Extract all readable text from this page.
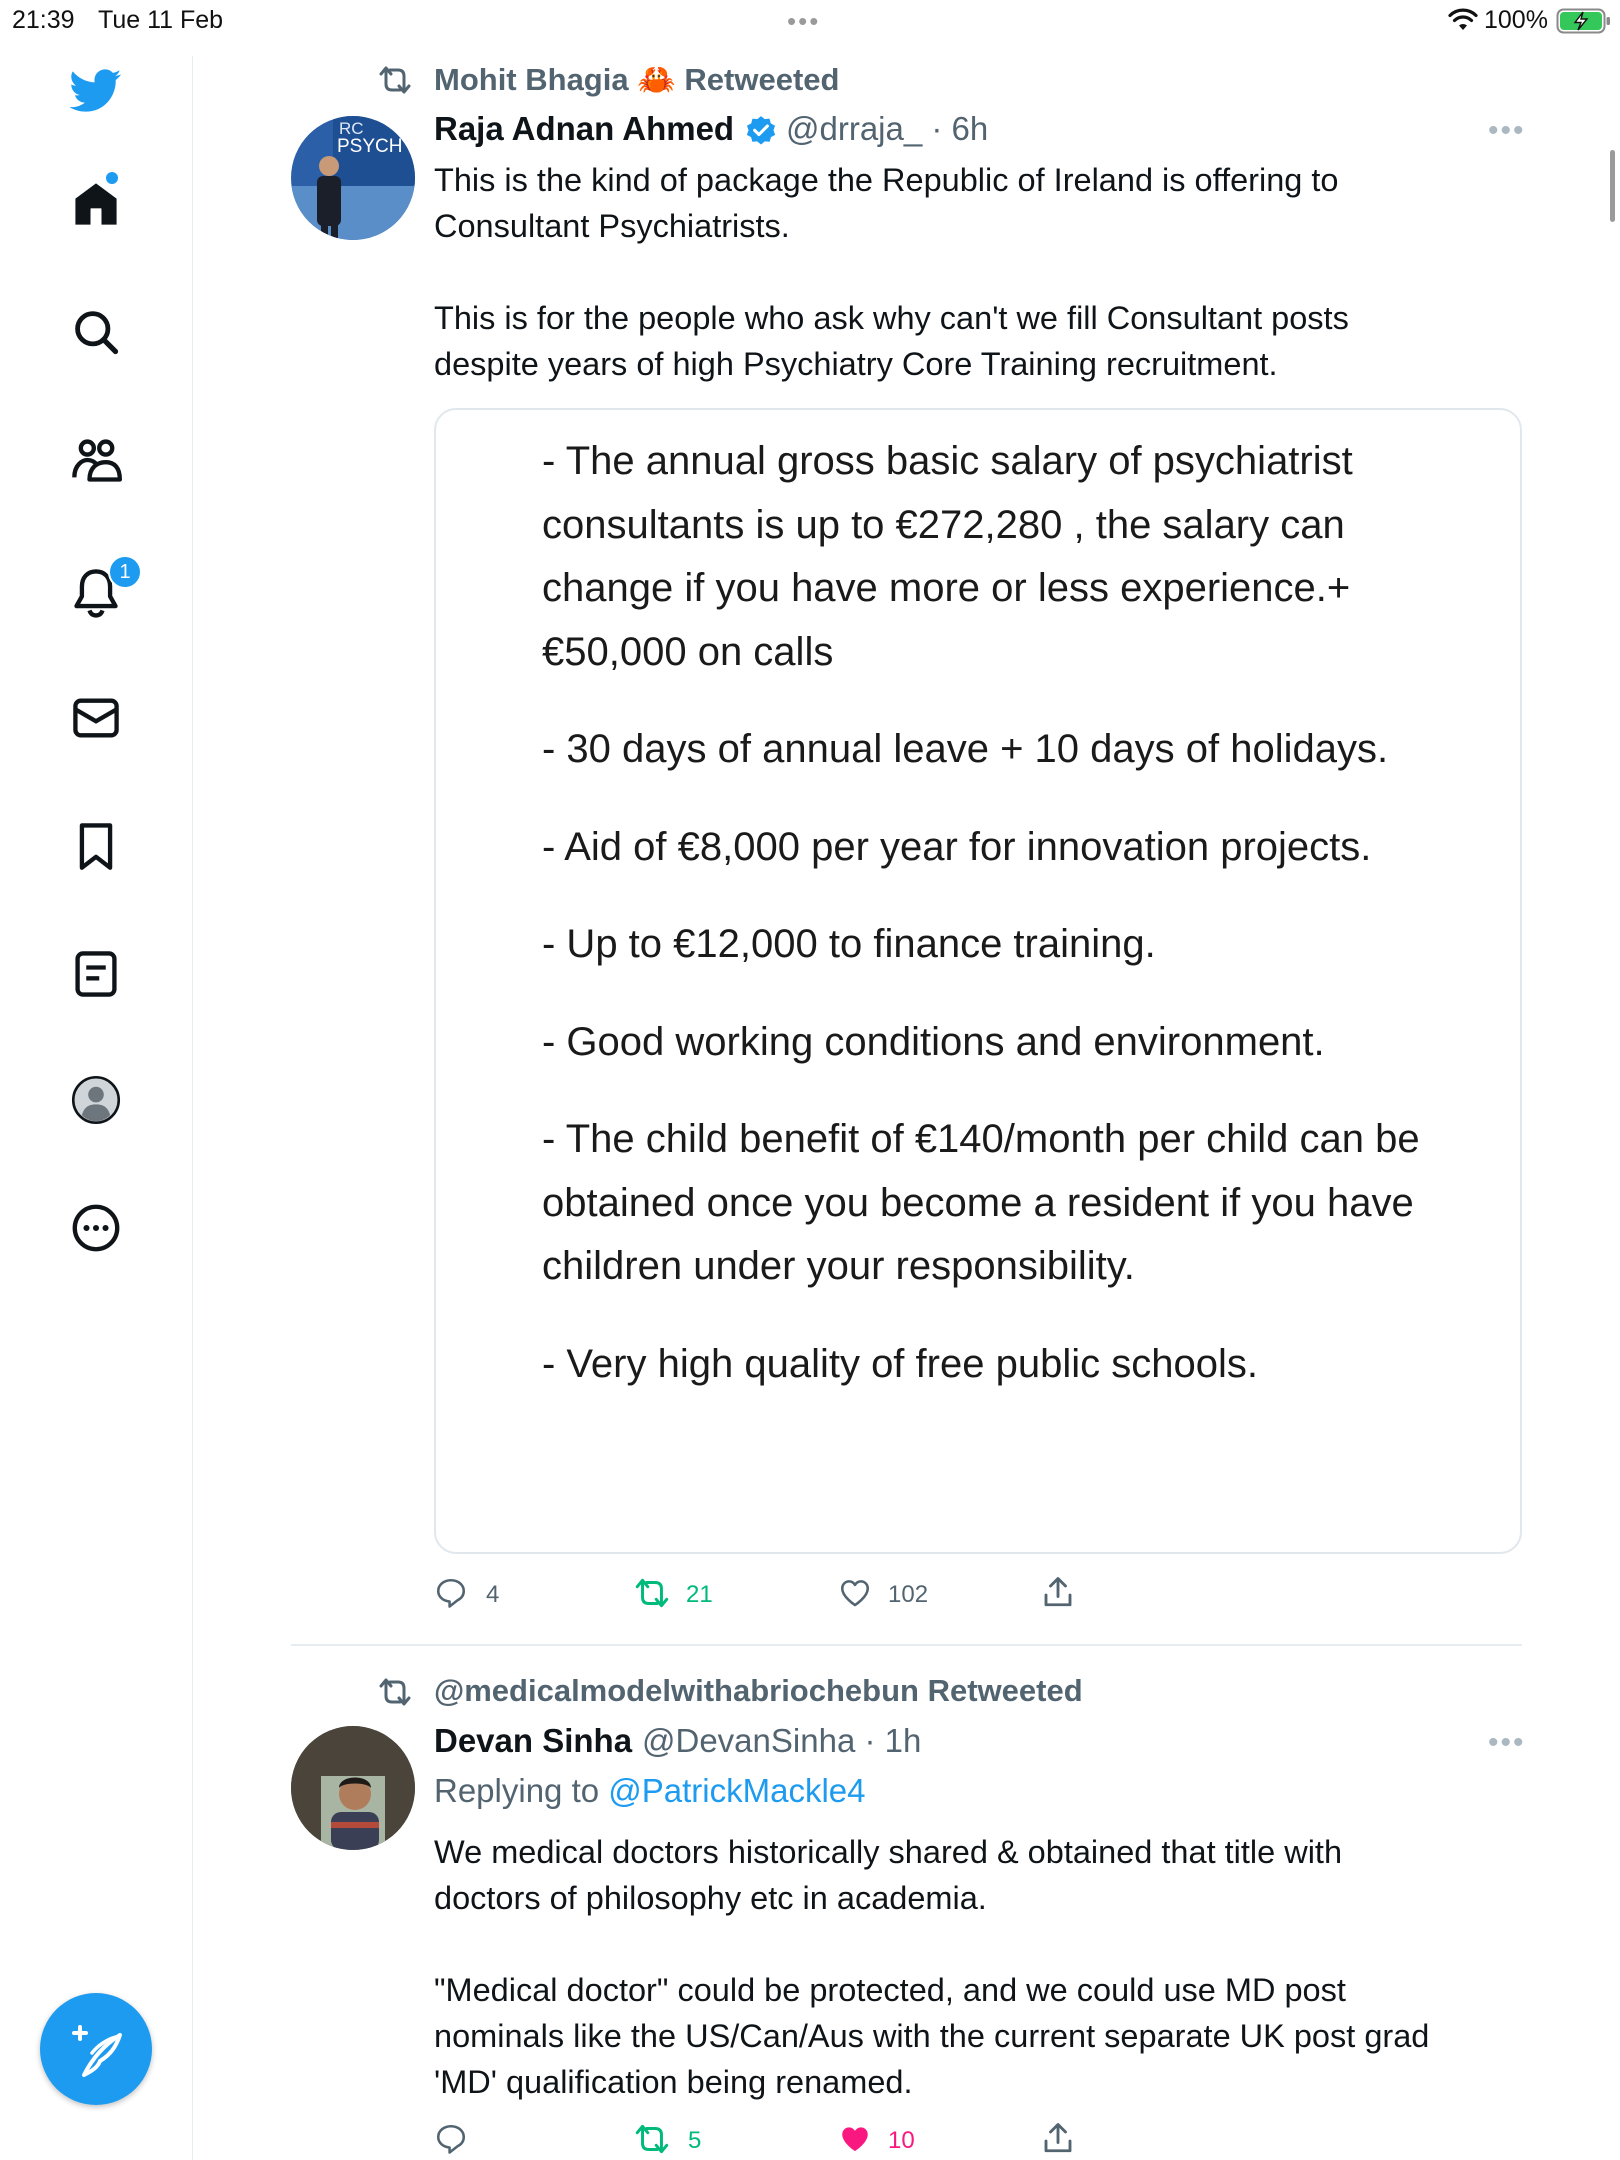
21:39 Tue 11 Feb	•••	100%
1
Mohit Bhagia 🦀 Retweeted
RC
PSYCH Raja Adnan Ahmed @drraja_ · 6h	•••
This is the kind of package the Republic of Ireland is offering to
Consultant Psychiatrists.
This is for the people who ask why can't we fill Consultant posts
despite years of high Psychiatry Core Training recruitment.

- The annual gross basic salary of psychiatrist consultants is up to €272,280 , the salary can change if you have more or less experience.+ €50,000 on calls

- 30 days of annual leave + 10 days of holidays.

- Aid of €8,000 per year for innovation projects.

- Up to €12,000 to finance training.

- Good working conditions and environment.

- The child benefit of €140/month per child can be obtained once you become a resident if you have children under your responsibility.

- Very high quality of free public schools.

4	21	102
@medicalmodelwithabriochebun Retweeted
Devan Sinha @DevanSinha · 1h	•••
Replying to @PatrickMackle4
We medical doctors historically shared & obtained that title with
doctors of philosophy etc in academia.
"Medical doctor" could be protected, and we could use MD post
nominals like the US/Can/Aus with the current separate UK post grad
'MD' qualification being renamed.
5	10
